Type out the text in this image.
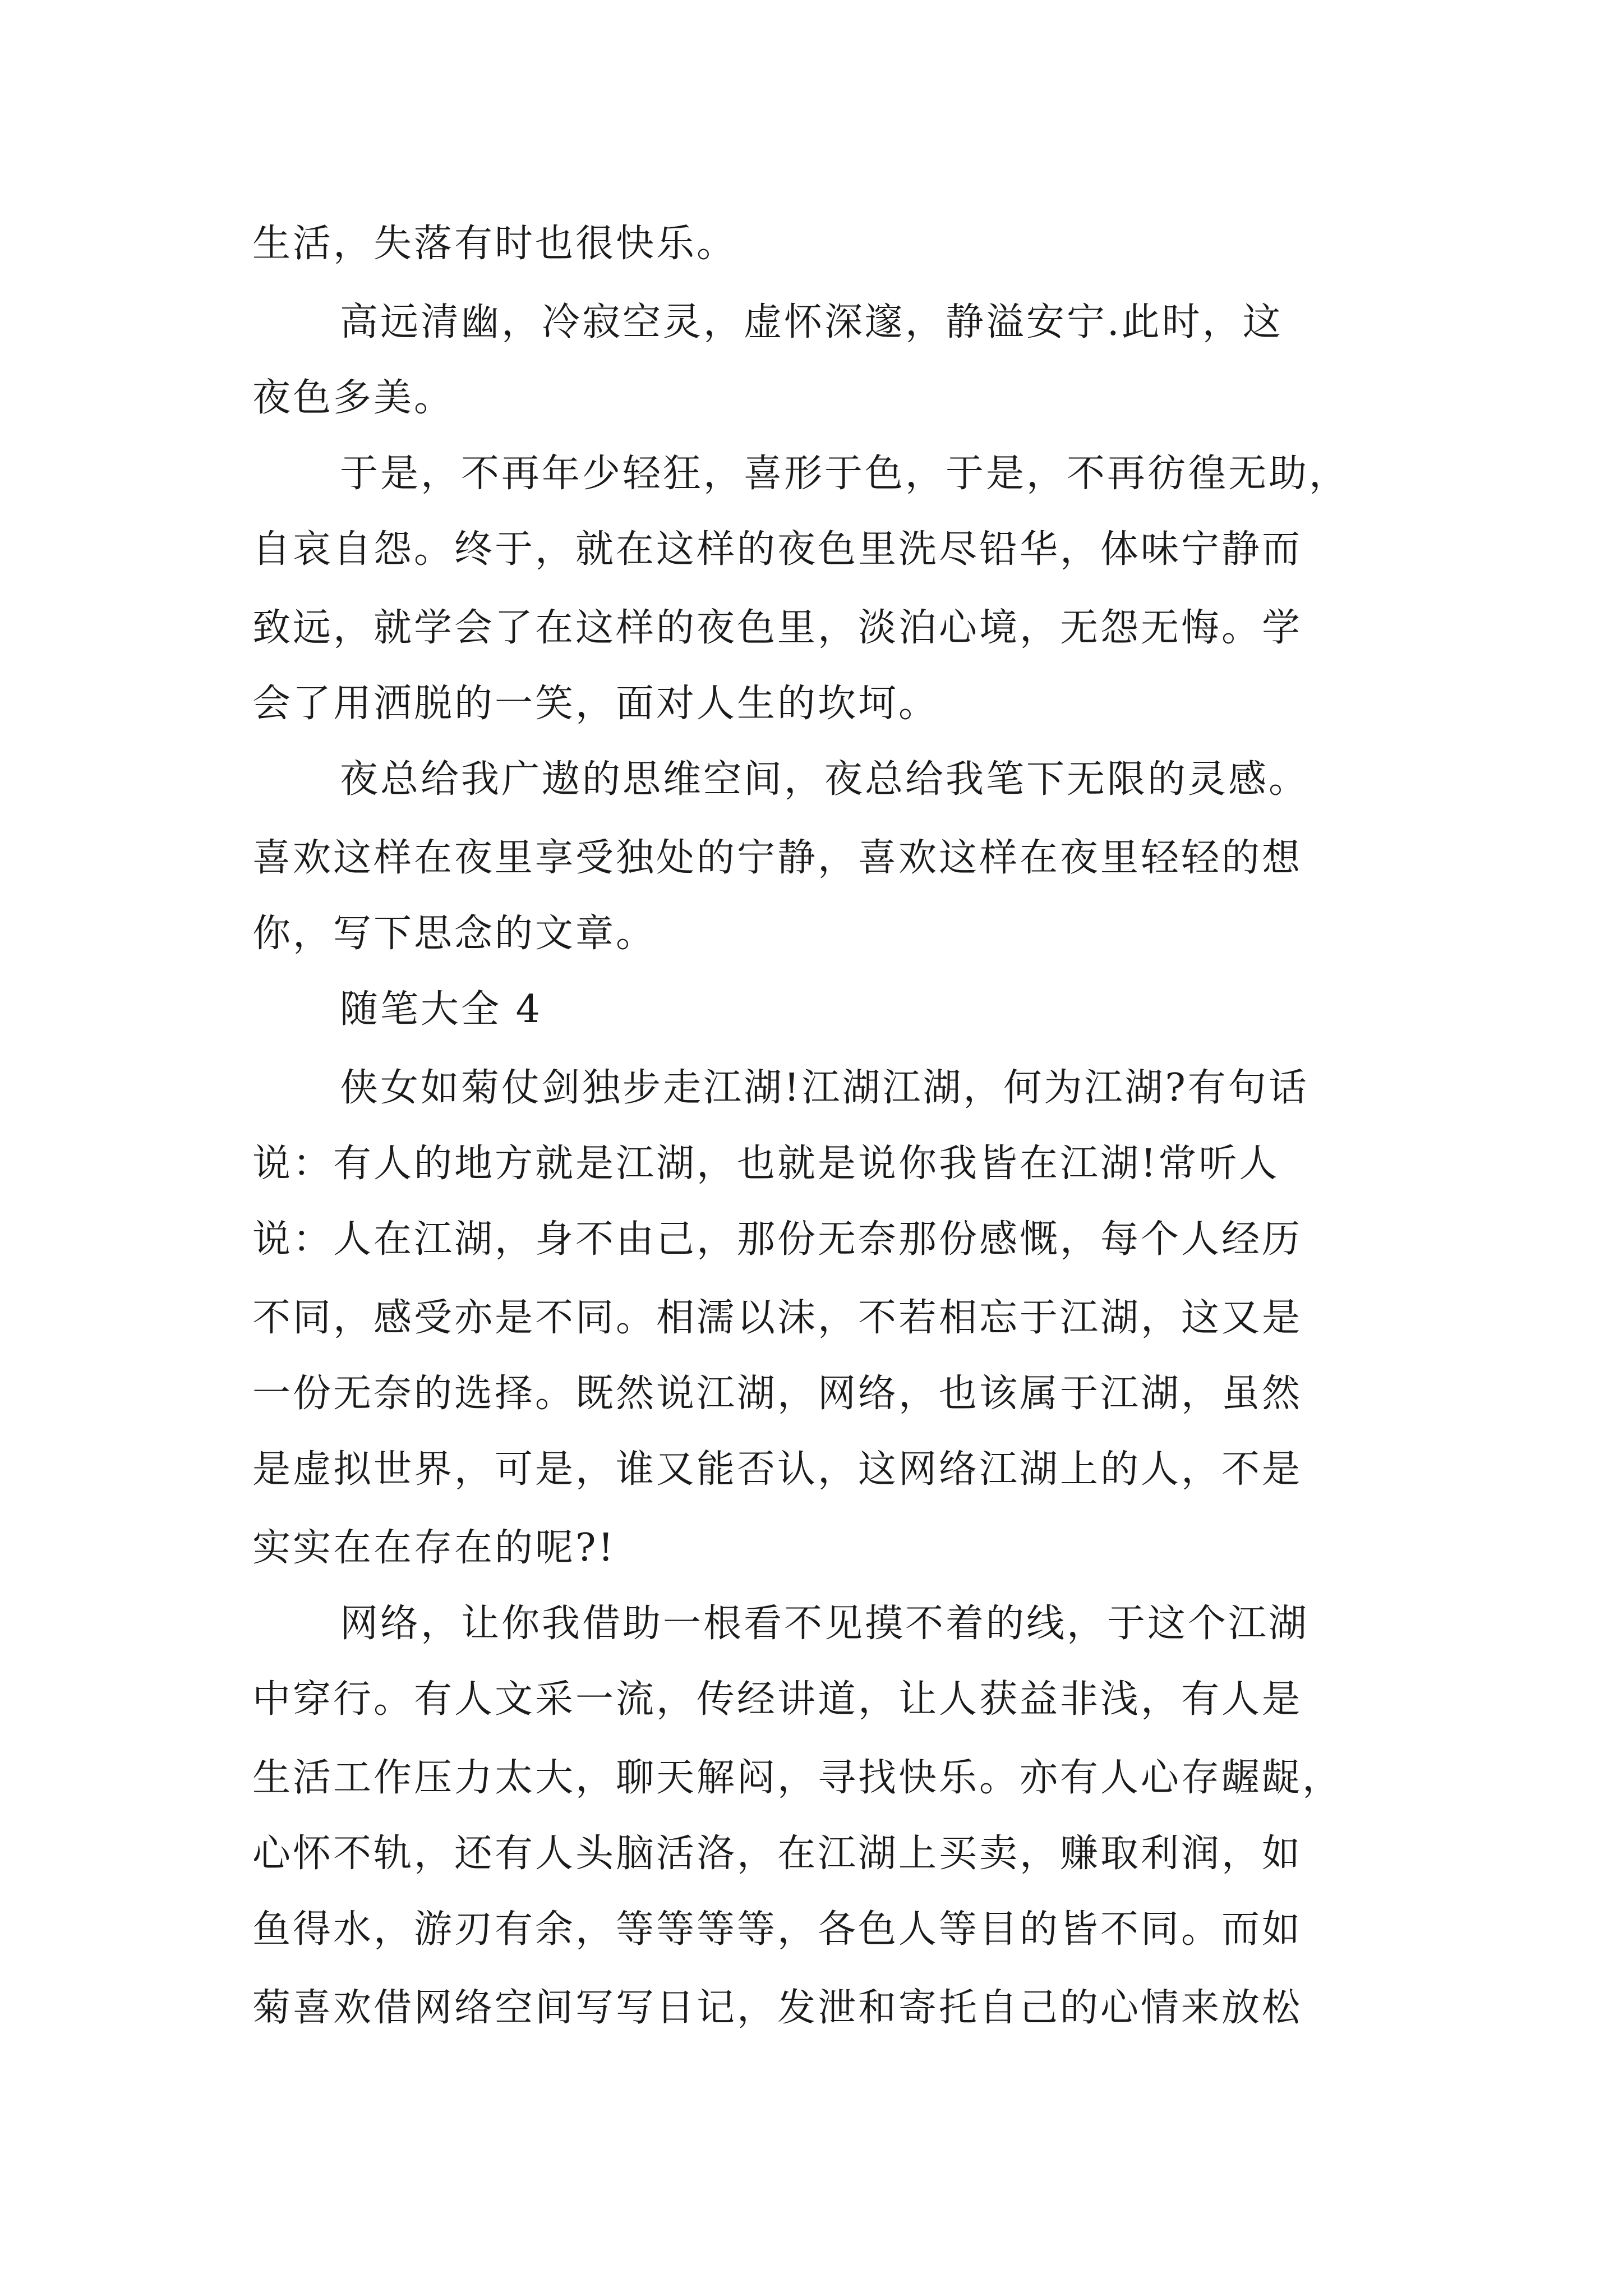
生活，失落有时也很快乐。
高远清幽，冷寂空灵，虚怀深邃，静溢安宁.此时，这
夜色多美。
于是，不再年少轻狂，喜形于色，于是，不再彷徨无助，
自哀自怨。终于，就在这样的夜色里洗尽铅华，体味宁静而
致远，就学会了在这样的夜色里，淡泊心境，无怨无悔。学
会了用洒脱的一笑，面对人生的坎坷。
夜总给我广遨的思维空间，夜总给我笔下无限的灵感。
喜欢这样在夜里享受独处的宁静，喜欢这样在夜里轻轻的想
你，写下思念的文章。
随笔大全 4
侠女如菊仗剑独步走江湖!江湖江湖，何为江湖?有句话
说：有人的地方就是江湖，也就是说你我皆在江湖!常听人
说：人在江湖，身不由己，那份无奈那份感慨，每个人经历
不同，感受亦是不同。相濡以沫，不若相忘于江湖，这又是
一份无奈的选择。既然说江湖，网络，也该属于江湖，虽然
是虚拟世界，可是，谁又能否认，这网络江湖上的人，不是
实实在在存在的呢?!
网络，让你我借助一根看不见摸不着的线，于这个江湖
中穿行。有人文采一流，传经讲道，让人获益非浅，有人是
生活工作压力太大，聊天解闷，寻找快乐。亦有人心存龌龊，
心怀不轨，还有人头脑活洛，在江湖上买卖，赚取利润，如
鱼得水，游刃有余，等等等等，各色人等目的皆不同。而如
菊喜欢借网络空间写写日记，发泄和寄托自己的心情来放松
